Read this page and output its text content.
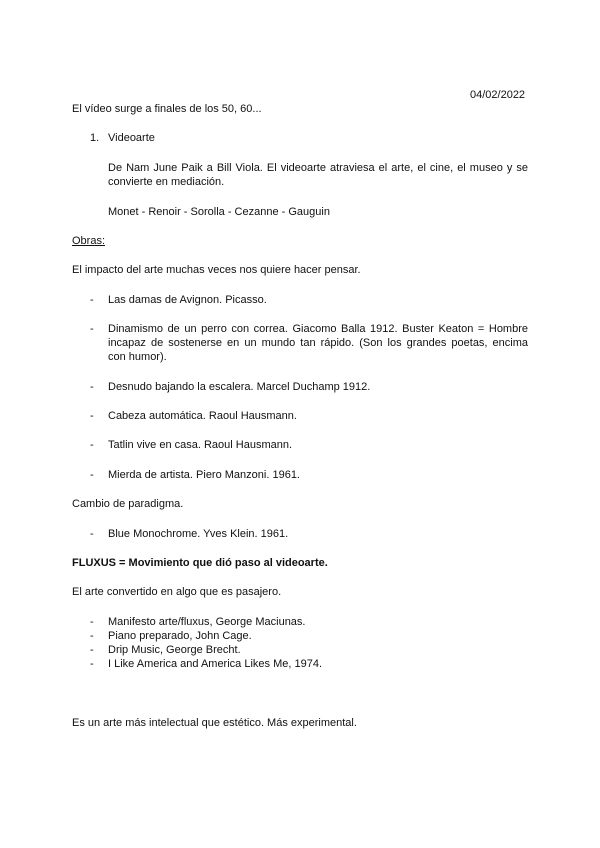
04/02/2022

El vídeo surge a finales de los 50, 60...

1. Videoarte

De Nam June Paik a Bill Viola. El videoarte atraviesa el arte, el cine, el museo y se

convierte en mediación.

Monet - Renoir - Sorolla - Cezanne - Gauguin

Obras:

El impacto del arte muchas veces nos quiere hacer pensar.

- Las damas de Avignon. Picasso.

- Dinamismo de un perro con correa. Giacomo Balla 1912. Buster Keaton = Hombre

incapaz de sostenerse en un mundo tan rápido. (Son los grandes poetas, encima

con humor).

- Desnudo bajando la escalera. Marcel Duchamp 1912.

- Cabeza automática. Raoul Hausmann.

- Tatlin vive en casa. Raoul Hausmann.

- Mierda de artista. Piero Manzoni. 1961.

Cambio de paradigma.

- Blue Monochrome. Yves Klein. 1961.

FLUXUS = Movimiento que dió paso al videoarte.

El arte convertido en algo que es pasajero.

- Manifesto arte/fluxus, George Maciunas.

- Piano preparado, John Cage.

- Drip Music, George Brecht.

- I Like America and America Likes Me, 1974.

Es un arte más intelectual que estético. Más experimental.
